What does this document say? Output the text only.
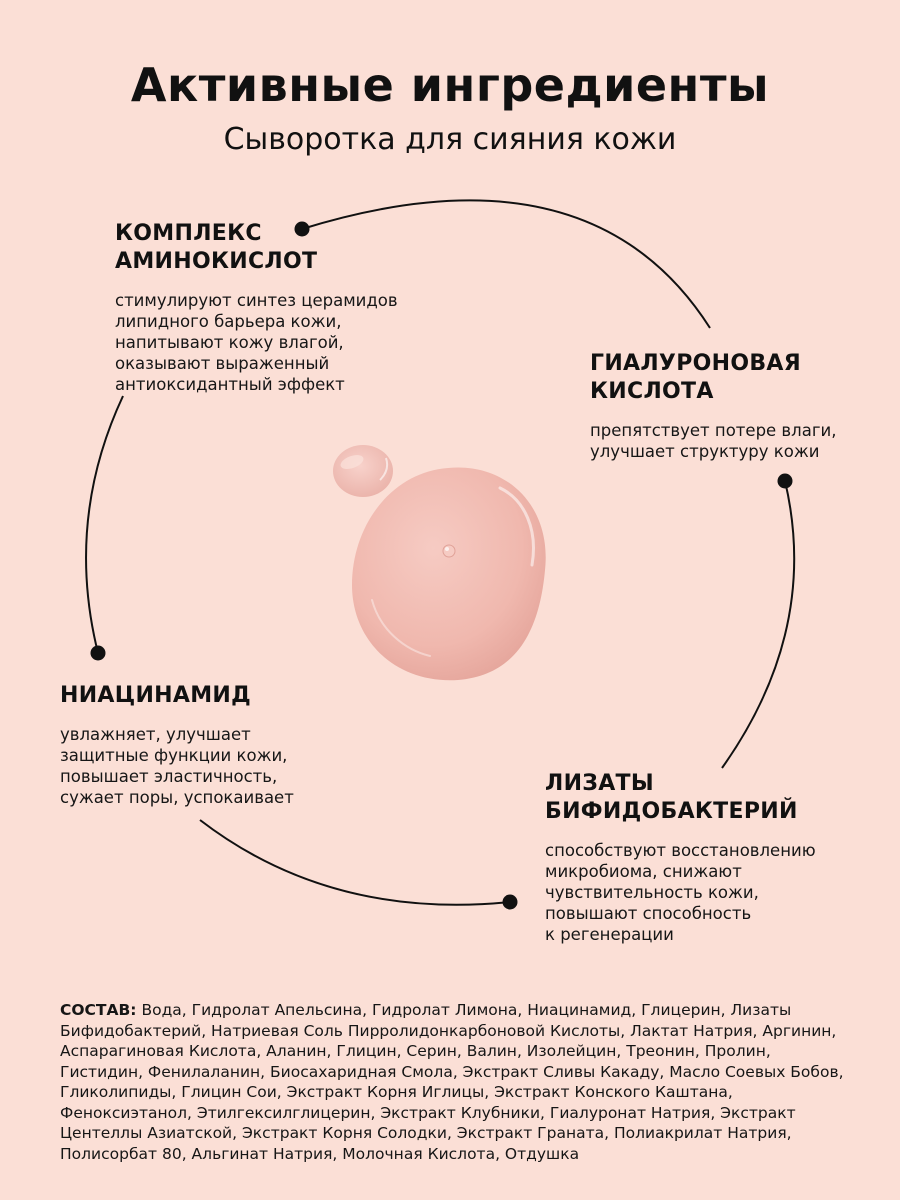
Активные ингредиенты
Сыворотка для сияния кожи
КОМПЛЕКС
АМИНОКИСЛОТ

стимулируют синтез церамидов
липидного барьера кожи,
напитывают кожу влагой,
оказывают выраженный
антиоксидантный эффект

ГИАЛУРОНОВАЯ
КИСЛОТА

препятствует потере влаги,
улучшает структуру кожи

НИАЦИНАМИД

увлажняет, улучшает
защитные функции кожи,
повышает эластичность,
сужает поры, успокаивает

ЛИЗАТЫ
БИФИДОБАКТЕРИЙ

способствуют восстановлению
микробиома, снижают
чувствительность кожи,
повышают способность
к регенерации

СОСТАВ: Вода, Гидролат Апельсина, Гидролат Лимона, Ниацинамид, Глицерин, Лизаты Бифидобактерий, Натриевая Соль Пирролидонкарбоновой Кислоты, Лактат Натрия, Аргинин, Аспарагиновая Кислота, Аланин, Глицин, Серин, Валин, Изолейцин, Треонин, Пролин, Гистидин, Фенилаланин, Биосахаридная Смола, Экстракт Сливы Какаду, Масло Соевых Бобов, Гликолипиды, Глицин Сои, Экстракт Корня Иглицы, Экстракт Конского Каштана, Феноксиэтанол, Этилгексилглицерин, Экстракт Клубники, Гиалуронат Натрия, Экстракт Центеллы Азиатской, Экстракт Корня Солодки, Экстракт Граната, Полиакрилат Натрия, Полисорбат 80, Альгинат Натрия, Молочная Кислота, Отдушка
